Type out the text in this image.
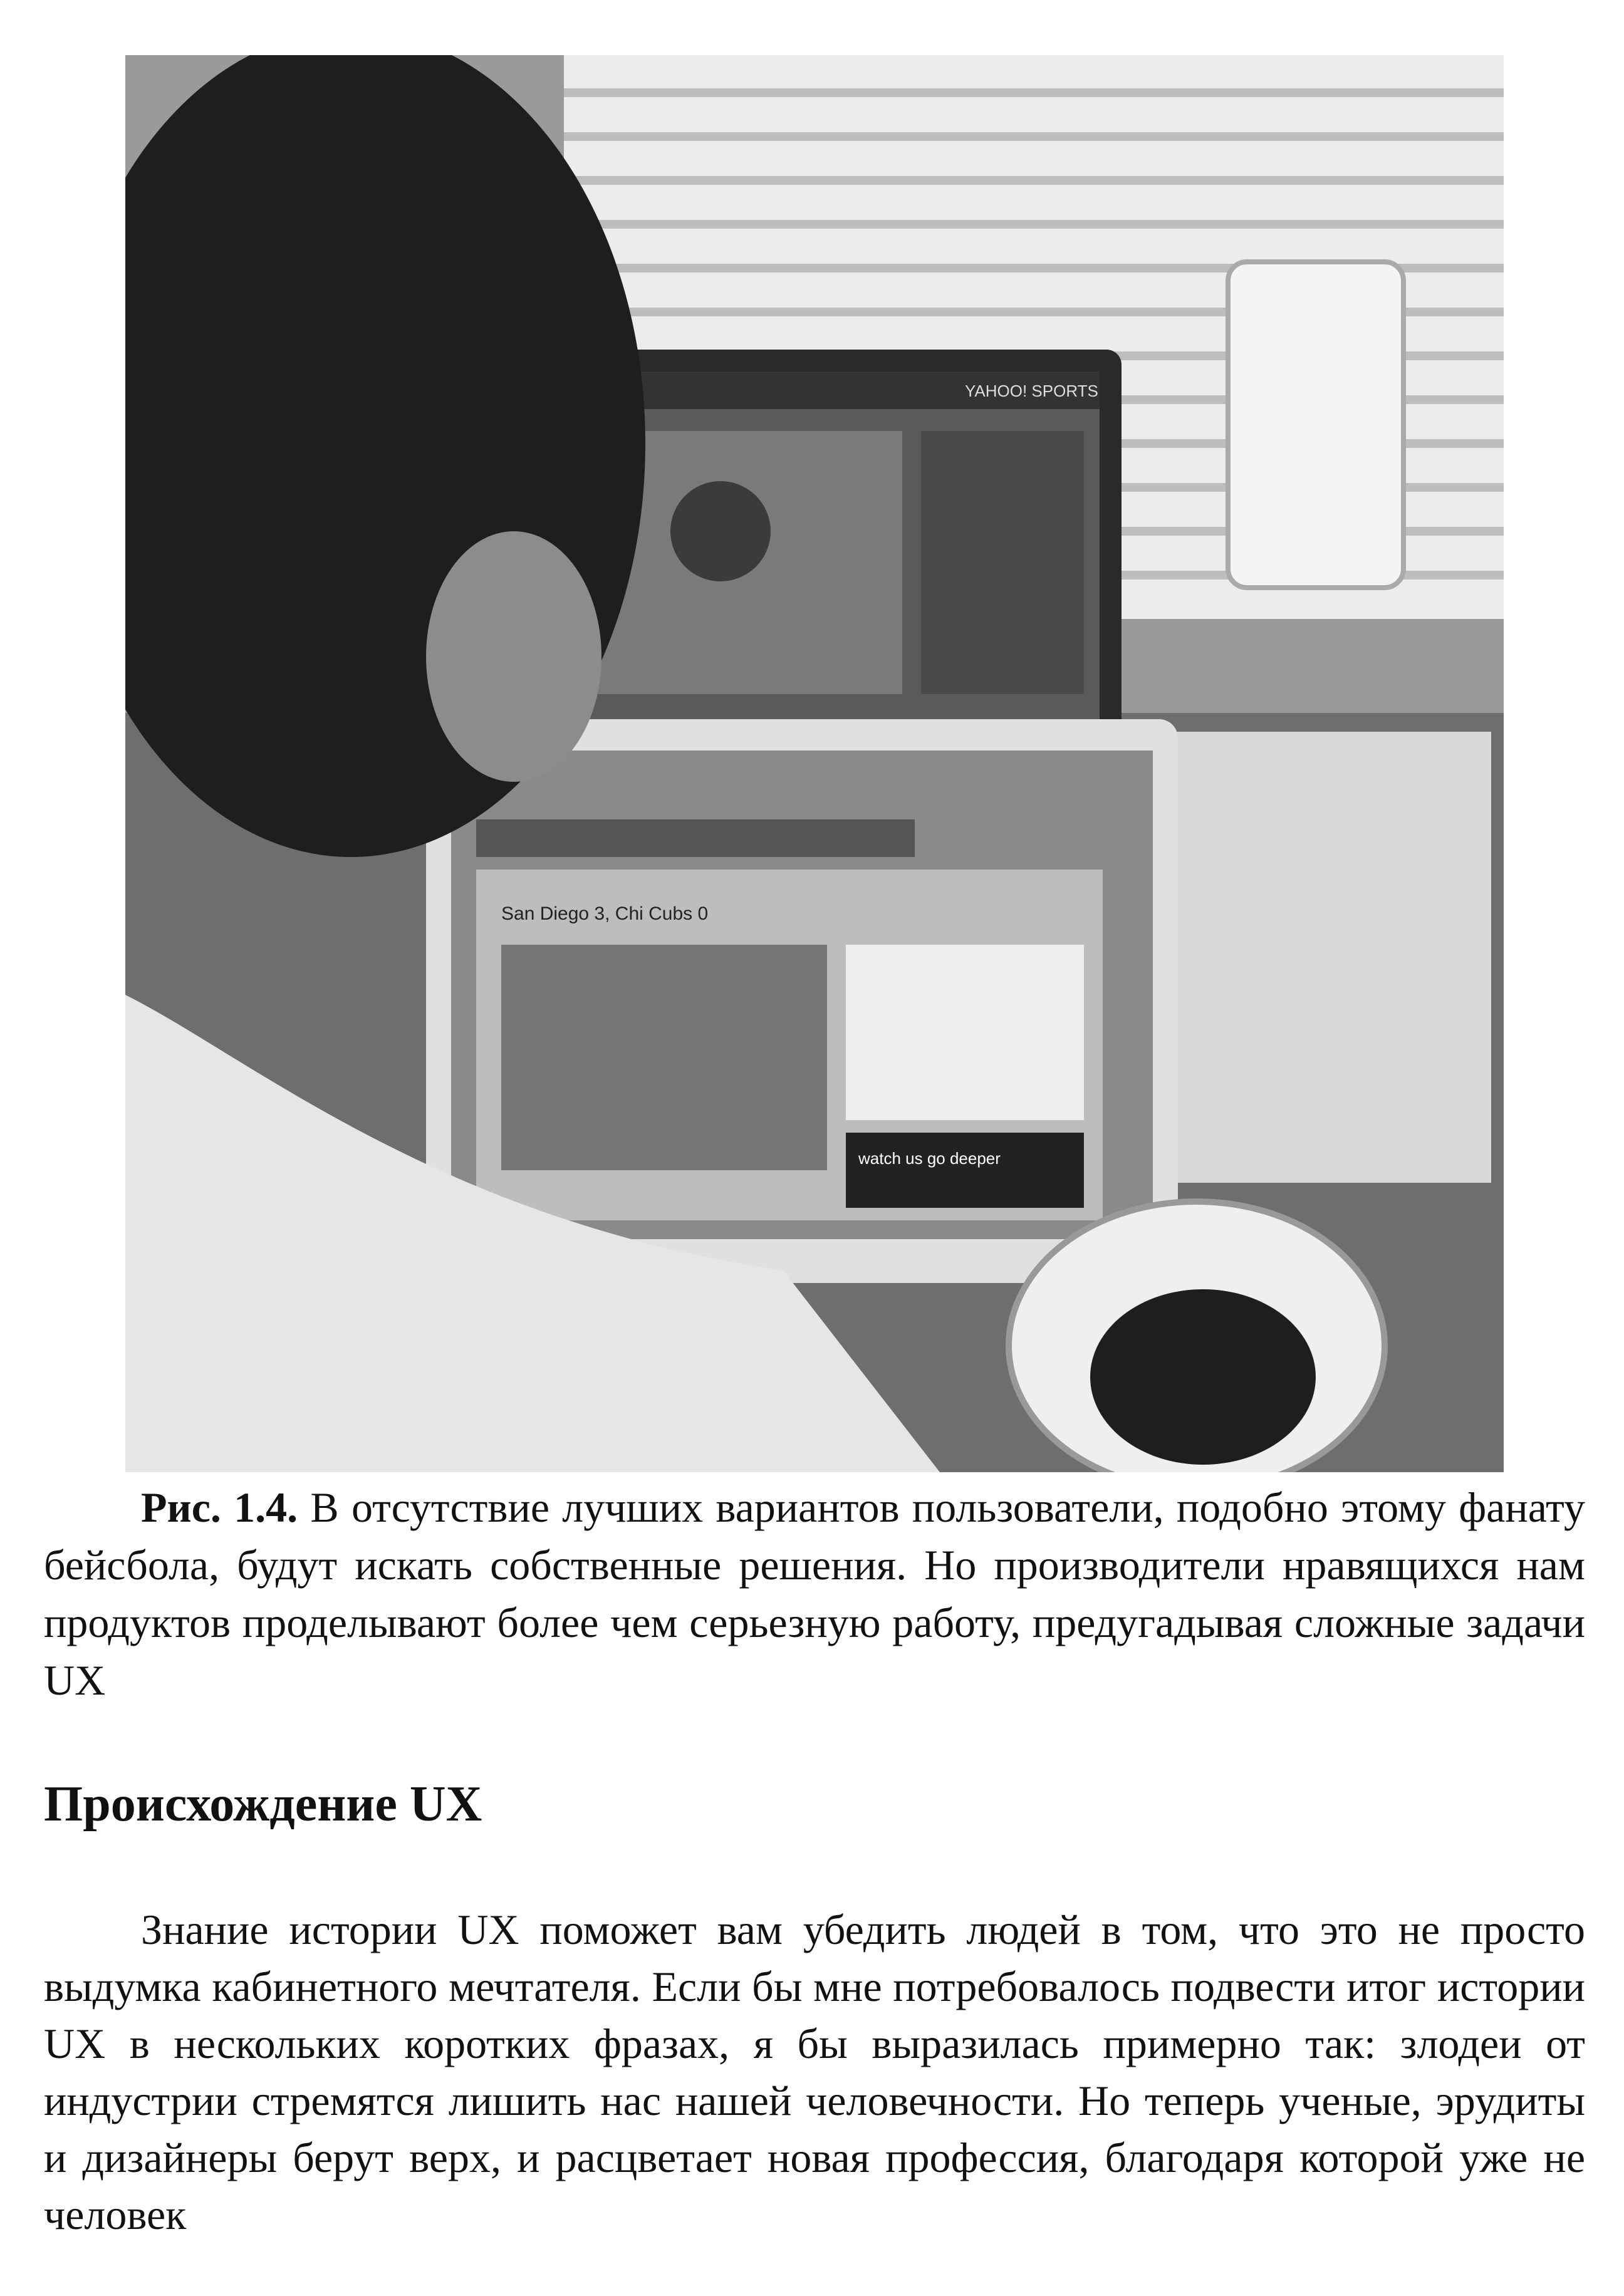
YAHOO! SPORTS
San Diego 3, Chi Cubs 0
watch us go deeper
Рис. 1.4. В отсутствие лучших вариантов пользователи, подобно этому фанату бейсбола, будут искать собственные решения. Но производители нравящихся нам продуктов проделывают более чем серьезную работу, предугадывая сложные задачи UX
Происхождение UX
Знание истории UX поможет вам убедить людей в том, что это не просто выдумка кабинетного мечтателя. Если бы мне потребовалось подвести итог истории UX в нескольких коротких фразах, я бы выразилась примерно так: злодеи от индустрии стремятся лишить нас нашей человечности. Но теперь ученые, эрудиты и дизайнеры берут верх, и расцветает новая профессия, благодаря которой уже не человек
